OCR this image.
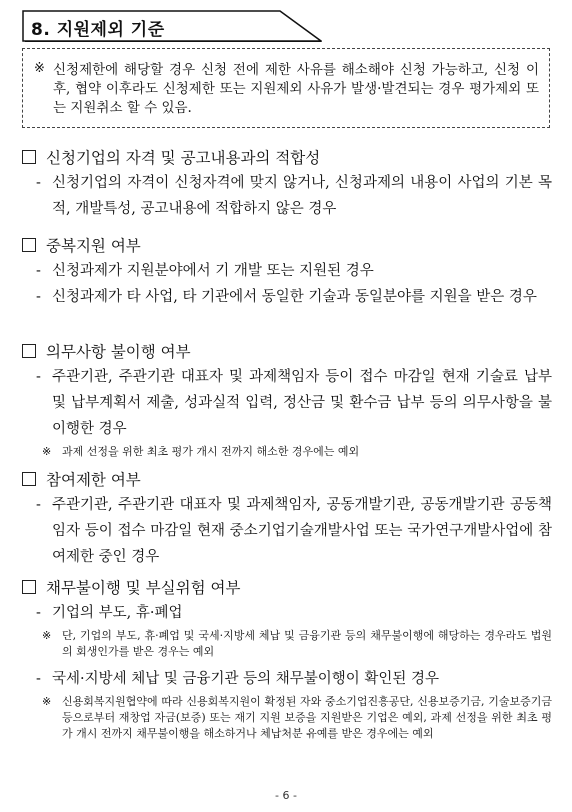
8. 지원제외 기준
※ 신청제한에 해당할 경우 신청 전에 제한 사유를 해소해야 신청 가능하고, 신청 이후, 협약 이후라도 신청제한 또는 지원제외 사유가 발생·발견되는 경우 평가제외 또는 지원취소 할 수 있음.
신청기업의 자격 및 공고내용과의 적합성
- 신청기업의 자격이 신청자격에 맞지 않거나, 신청과제의 내용이 사업의 기본 목적, 개발특성, 공고내용에 적합하지 않은 경우
중복지원 여부
- 신청과제가 지원분야에서 기 개발 또는 지원된 경우
- 신청과제가 타 사업, 타 기관에서 동일한 기술과 동일분야를 지원을 받은 경우
의무사항 불이행 여부
- 주관기관, 주관기관 대표자 및 과제책임자 등이 접수 마감일 현재 기술료 납부 및 납부계획서 제출, 성과실적 입력, 정산금 및 환수금 납부 등의 의무사항을 불이행한 경우
※ 과제 선정을 위한 최초 평가 개시 전까지 해소한 경우에는 예외
참여제한 여부
- 주관기관, 주관기관 대표자 및 과제책임자, 공동개발기관, 공동개발기관 공동책임자 등이 접수 마감일 현재 중소기업기술개발사업 또는 국가연구개발사업에 참여제한 중인 경우
채무불이행 및 부실위험 여부
- 기업의 부도, 휴·폐업
※ 단, 기업의 부도, 휴·폐업 및 국세·지방세 체납 및 금융기관 등의 채무불이행에 해당하는 경우라도 법원의 회생인가를 받은 경우는 예외
- 국세·지방세 체납 및 금융기관 등의 채무불이행이 확인된 경우
※ 신용회복지원협약에 따라 신용회복지원이 확정된 자와 중소기업진흥공단, 신용보증기금, 기술보증기금 등으로부터 재창업 자금(보증) 또는 재기 지원 보증을 지원받은 기업은 예외, 과제 선정을 위한 최초 평가 개시 전까지 채무불이행을 해소하거나 체납처분 유예를 받은 경우에는 예외
- 6 -
